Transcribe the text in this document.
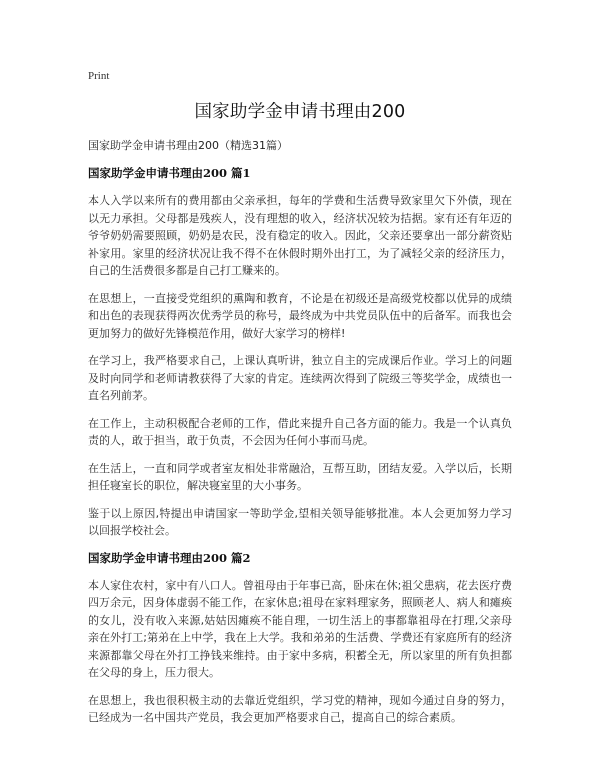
Print
国家助学金申请书理由200

国家助学金申请书理由200（精选31篇）

国家助学金申请书理由200 篇1

本人入学以来所有的费用都由父亲承担，每年的学费和生活费导致家里欠下外债，现在以无力承担。父母都是残疾人，没有理想的收入，经济状况较为拮据。家有还有年迈的爷爷奶奶需要照顾，奶奶是农民，没有稳定的收入。因此，父亲还要拿出一部分薪资贴补家用。家里的经济状况让我不得不在休假时期外出打工，为了减轻父亲的经济压力，自己的生活费很多都是自己打工赚来的。

在思想上，一直接受党组织的熏陶和教育，不论是在初级还是高级党校都以优异的成绩和出色的表现获得两次优秀学员的称号，最终成为中共党员队伍中的后备军。而我也会更加努力的做好先锋模范作用，做好大家学习的榜样!

在学习上，我严格要求自己，上课认真听讲，独立自主的完成课后作业。学习上的问题及时向同学和老师请教获得了大家的肯定。连续两次得到了院级三等奖学金，成绩也一直名列前茅。

在工作上，主动积极配合老师的工作，借此来提升自己各方面的能力。我是一个认真负责的人，敢于担当，敢于负责，不会因为任何小事而马虎。

在生活上，一直和同学或者室友相处非常融洽，互帮互助，团结友爱。入学以后，长期担任寝室长的职位，解决寝室里的大小事务。

鉴于以上原因,特提出申请国家一等助学金,望相关领导能够批准。本人会更加努力学习以回报学校社会。

国家助学金申请书理由200 篇2

本人家住农村，家中有八口人。曾祖母由于年事已高，卧床在休;祖父患病，花去医疗费四万余元，因身体虚弱不能工作，在家休息;祖母在家料理家务，照顾老人、病人和瘫痪的女儿，没有收入来源,姑姑因瘫痪不能自理，一切生活上的事都靠祖母在打理,父亲母亲在外打工;第弟在上中学，我在上大学。我和弟弟的生活费、学费还有家庭所有的经济来源都靠父母在外打工挣钱来维持。由于家中多病，积蓄全无，所以家里的所有负担都在父母的身上，压力很大。

在思想上，我也很积极主动的去靠近党组织，学习党的精神，现如今通过自身的努力，已经成为一名中国共产党员，我会更加严格要求自己，提高自己的综合素质。
